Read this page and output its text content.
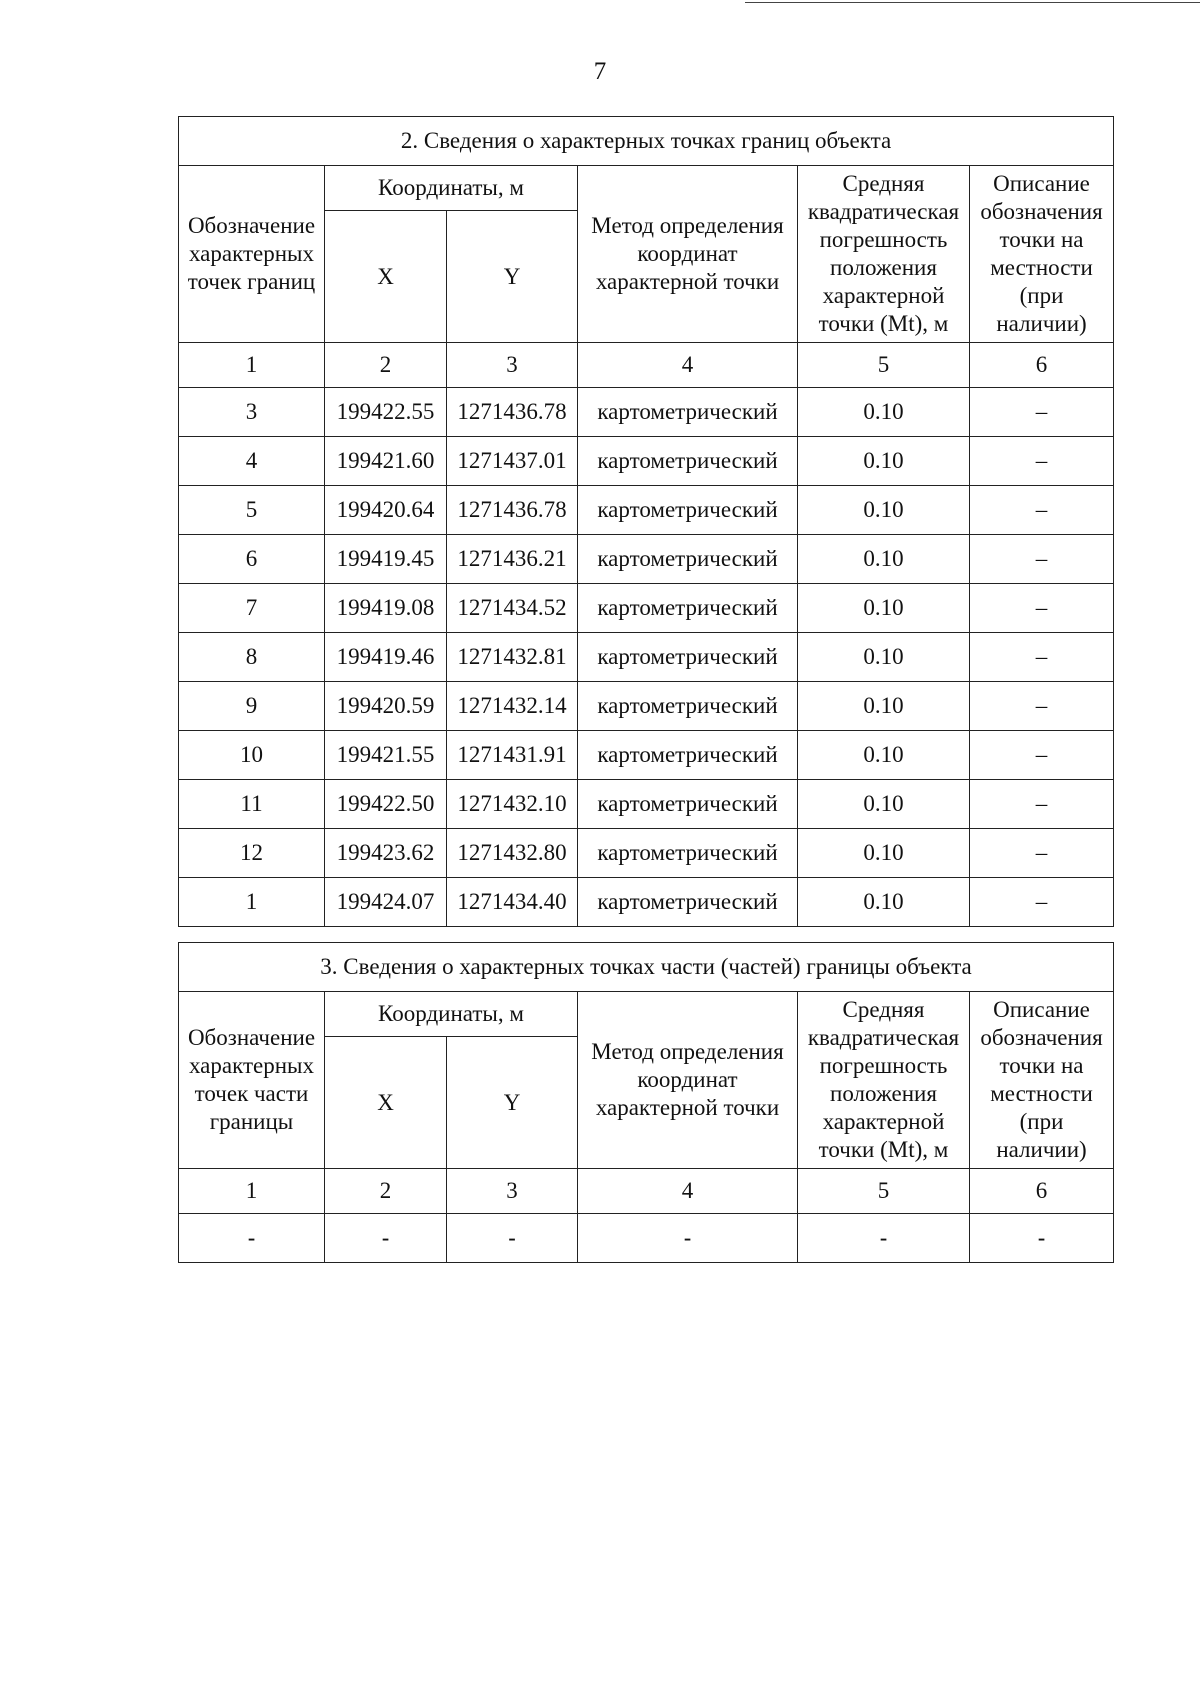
7
2. Сведения о характерных точках границ объекта					
Обозначение характерных точек границ	Координаты, м		Метод определения координат характерной точки	Средняя квадратическая погрешность положения характерной точки (Mt), м	Описание обозначения точки на местности (при наличии)
	X	Y			
1	2	3	4	5	6
3	199422.55	1271436.78	картометрический	0.10	–
4	199421.60	1271437.01	картометрический	0.10	–
5	199420.64	1271436.78	картометрический	0.10	–
6	199419.45	1271436.21	картометрический	0.10	–
7	199419.08	1271434.52	картометрический	0.10	–
8	199419.46	1271432.81	картометрический	0.10	–
9	199420.59	1271432.14	картометрический	0.10	–
10	199421.55	1271431.91	картометрический	0.10	–
11	199422.50	1271432.10	картометрический	0.10	–
12	199423.62	1271432.80	картометрический	0.10	–
1	199424.07	1271434.40	картометрический	0.10	–
3. Сведения о характерных точках части (частей) границы объекта					
Обозначение характерных точек части границы	Координаты, м		Метод определения координат характерной точки	Средняя квадратическая погрешность положения характерной точки (Mt), м	Описание обозначения точки на местности (при наличии)
	X	Y			
1	2	3	4	5	6
-	-	-	-	-	-
